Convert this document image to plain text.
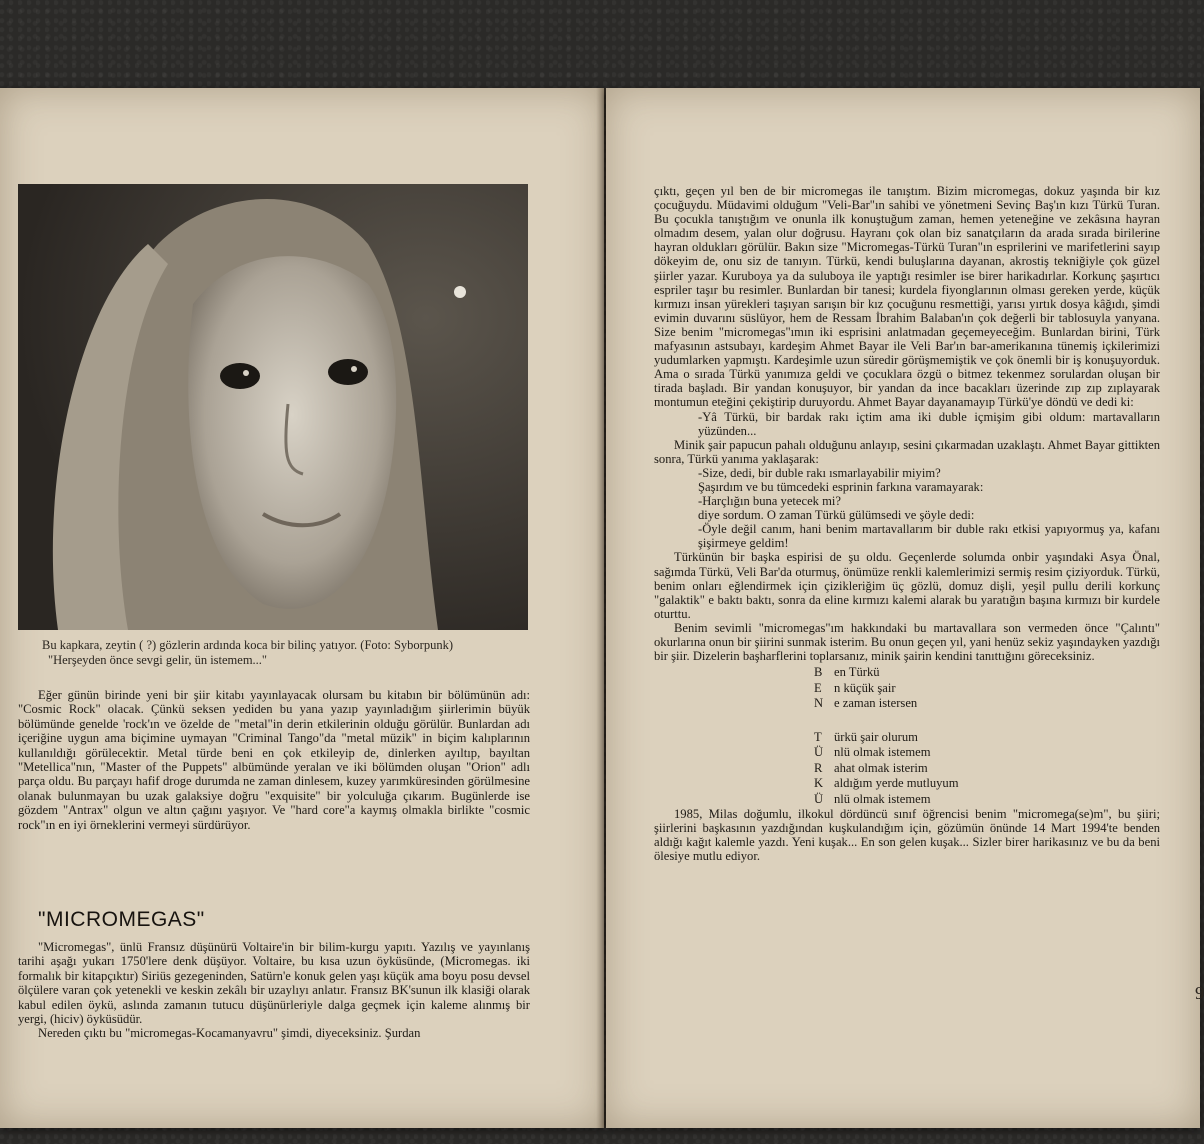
Bu kapkara, zeytin ( ?) gözlerin ardında koca bir bilinç yatıyor. (Foto: Syborpunk)

"Herşeyden önce sevgi gelir, ün istemem..."

Eğer günün birinde yeni bir şiir kitabı yayınlayacak olursam bu kitabın bir bölümünün adı: "Cosmic Rock" olacak. Çünkü seksen yediden bu yana yazıp yayınladığım şiirlerimin büyük bölümünde genelde 'rock'ın ve özelde de "metal"in derin etkilerinin olduğu görülür. Bunlardan adı içeriğine uygun ama biçimine uymayan "Criminal Tango"da "metal müzik" in biçim kalıplarının kullanıldığı görülecektir. Metal türde beni en çok etkileyip de, dinlerken ayıltıp, bayıltan "Metellica"nın, "Master of the Puppets" albümünde yeralan ve iki bölümden oluşan "Orion" adlı parça oldu. Bu parçayı hafif droge durumda ne zaman dinlesem, kuzey yarımküresinden görülmesine olanak bulunmayan bu uzak galaksiye doğru "exquisite" bir yolculuğa çıkarım. Bugünlerde ise gözdem "Antrax" olgun ve altın çağını yaşıyor. Ve "hard core"a kaymış olmakla birlikte "cosmic rock"ın en iyi örneklerini vermeyi sürdürüyor.

"MICROMEGAS"

"Micromegas", ünlü Fransız düşünürü Voltaire'in bir bilim-kurgu yapıtı. Yazılış ve yayınlanış tarihi aşağı yukarı 1750'lere denk düşüyor. Voltaire, bu kısa uzun öyküsünde, (Micromegas. iki formalık bir kitapçıktır) Siriüs gezegeninden, Satürn'e konuk gelen yaşı küçük ama boyu posu devsel ölçülere varan çok yetenekli ve keskin zekâlı bir uzaylıyı anlatır. Fransız BK'sunun ilk klasiği olarak kabul edilen öykü, aslında zamanın tutucu düşünürleriyle dalga geçmek için kaleme alınmış bir yergi, (hiciv) öyküsüdür.

Nereden çıktı bu "micromegas-Kocamanyavru" şimdi, diyeceksiniz. Şurdan

çıktı, geçen yıl ben de bir micromegas ile tanıştım. Bizim micromegas, dokuz yaşında bir kız çocuğuydu. Müdavimi olduğum "Veli-Bar"ın sahibi ve yönetmeni Sevinç Baş'ın kızı Türkü Turan. Bu çocukla tanıştığım ve onunla ilk konuştuğum zaman, hemen yeteneğine ve zekâsına hayran olmadım desem, yalan olur doğrusu. Hayranı çok olan biz sanatçıların da arada sırada birilerine hayran oldukları görülür. Bakın size "Micromegas-Türkü Turan"ın esprilerini ve marifetlerini sayıp dökeyim de, onu siz de tanıyın. Türkü, kendi buluşlarına dayanan, akrostiş tekniğiyle çok güzel şiirler yazar. Kuruboya ya da suluboya ile yaptığı resimler ise birer harikadırlar. Korkunç şaşırtıcı espriler taşır bu resimler. Bunlardan bir tanesi; kurdela fiyonglarının olması gereken yerde, küçük kırmızı insan yürekleri taşıyan sarışın bir kız çocuğunu resmettiği, yarısı yırtık dosya kâğıdı, şimdi evimin duvarını süslüyor, hem de Ressam İbrahim Balaban'ın çok değerli bir tablosuyla yanyana. Size benim "micromegas"ımın iki esprisini anlatmadan geçemeyeceğim. Bunlardan birini, Türk mafyasının astsubayı, kardeşim Ahmet Bayar ile Veli Bar'ın bar-amerikanına tünemiş içkilerimizi yudumlarken yapmıştı. Kardeşimle uzun süredir görüşmemiştik ve çok önemli bir iş konuşuyorduk. Ama o sırada Türkü yanımıza geldi ve çocuklara özgü o bitmez tekenmez sorulardan oluşan bir tirada başladı. Bir yandan konuşuyor, bir yandan da ince bacakları üzerinde zıp zıp zıplayarak montumun eteğini çekiştirip duruyordu. Ahmet Bayar dayanamayıp Türkü'ye döndü ve dedi ki:

-Yâ Türkü, bir bardak rakı içtim ama iki duble içmişim gibi oldum: martavalların yüzünden...

Minik şair papucun pahalı olduğunu anlayıp, sesini çıkarmadan uzaklaştı. Ahmet Bayar gittikten sonra, Türkü yanıma yaklaşarak:

-Size, dedi, bir duble rakı ısmarlayabilir miyim?

Şaşırdım ve bu tümcedeki esprinin farkına varamayarak:

-Harçlığın buna yetecek mi?

diye sordum. O zaman Türkü gülümsedi ve şöyle dedi:

-Öyle değil canım, hani benim martavallarım bir duble rakı etkisi yapıyormuş ya, kafanı şişirmeye geldim!

Türkünün bir başka espirisi de şu oldu. Geçenlerde solumda onbir yaşındaki Asya Önal, sağımda Türkü, Veli Bar'da oturmuş, önümüze renkli kalemlerimizi sermiş resim çiziyorduk. Türkü, benim onları eğlendirmek için çizikleriğim üç gözlü, domuz dişli, yeşil pullu derili korkunç "galaktik" e baktı baktı, sonra da eline kırmızı kalemi alarak bu yaratığın başına kırmızı bir kurdele oturttu.

Benim sevimli "micromegas"ım hakkındaki bu martavallara son vermeden önce "Çalıntı" okurlarına onun bir şiirini sunmak isterim. Bu onun geçen yıl, yani henüz sekiz yaşındayken yazdığı bir şiir. Dizelerin başharflerini toplarsanız, minik şairin kendini tanıttığını göreceksiniz.

B en Türkü
E n küçük şair
N e zaman istersen
T ürkü şair olurum
Ü nlü olmak istemem
R ahat olmak isterim
K aldığım yerde mutluyum
Ü nlü olmak istemem

1985, Milas doğumlu, ilkokul dördüncü sınıf öğrencisi benim "micromega(se)m", bu şiiri; şiirlerini başkasının yazdığından kuşkulandığım için, gözümün önünde 14 Mart 1994'te benden aldığı kağıt kalemle yazdı. Yeni kuşak... En son gelen kuşak... Sizler birer harikasınız ve bu da beni ölesiye mutlu ediyor.

9
